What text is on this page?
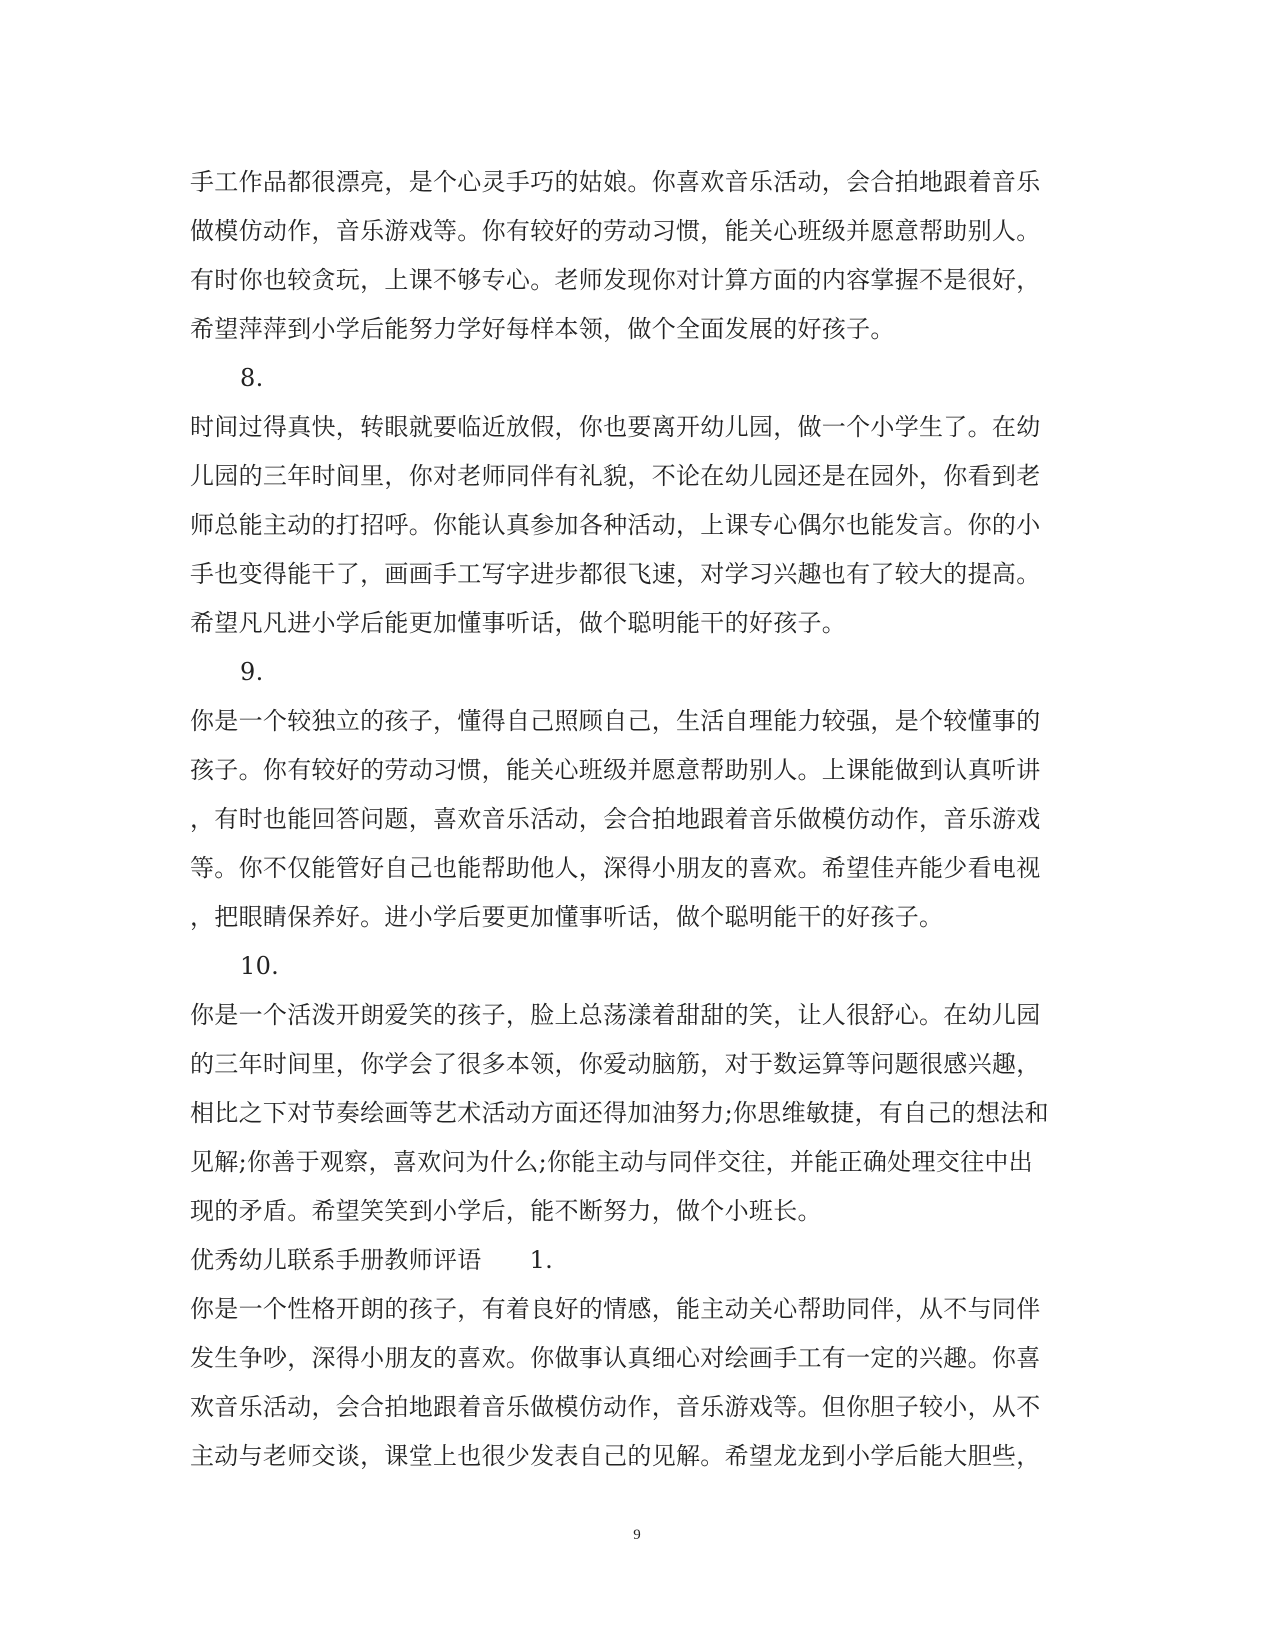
手工作品都很漂亮，是个心灵手巧的姑娘。你喜欢音乐活动，会合拍地跟着音乐
做模仿动作，音乐游戏等。你有较好的劳动习惯，能关心班级并愿意帮助别人。
有时你也较贪玩，上课不够专心。老师发现你对计算方面的内容掌握不是很好，
希望萍萍到小学后能努力学好每样本领，做个全面发展的好孩子。
8.
时间过得真快，转眼就要临近放假，你也要离开幼儿园，做一个小学生了。在幼
儿园的三年时间里，你对老师同伴有礼貌，不论在幼儿园还是在园外，你看到老
师总能主动的打招呼。你能认真参加各种活动，上课专心偶尔也能发言。你的小
手也变得能干了，画画手工写字进步都很飞速，对学习兴趣也有了较大的提高。
希望凡凡进小学后能更加懂事听话，做个聪明能干的好孩子。
9.
你是一个较独立的孩子，懂得自己照顾自己，生活自理能力较强，是个较懂事的
孩子。你有较好的劳动习惯，能关心班级并愿意帮助别人。上课能做到认真听讲
，有时也能回答问题，喜欢音乐活动，会合拍地跟着音乐做模仿动作，音乐游戏
等。你不仅能管好自己也能帮助他人，深得小朋友的喜欢。希望佳卉能少看电视
，把眼睛保养好。进小学后要更加懂事听话，做个聪明能干的好孩子。
10.
你是一个活泼开朗爱笑的孩子，脸上总荡漾着甜甜的笑，让人很舒心。在幼儿园
的三年时间里，你学会了很多本领，你爱动脑筋，对于数运算等问题很感兴趣，
相比之下对节奏绘画等艺术活动方面还得加油努力;你思维敏捷，有自己的想法和
见解;你善于观察，喜欢问为什么;你能主动与同伴交往，并能正确处理交往中出
现的矛盾。希望笑笑到小学后，能不断努力，做个小班长。
优秀幼儿联系手册教师评语 1.
你是一个性格开朗的孩子，有着良好的情感，能主动关心帮助同伴，从不与同伴
发生争吵，深得小朋友的喜欢。你做事认真细心对绘画手工有一定的兴趣。你喜
欢音乐活动，会合拍地跟着音乐做模仿动作，音乐游戏等。但你胆子较小，从不
主动与老师交谈，课堂上也很少发表自己的见解。希望龙龙到小学后能大胆些，
9
